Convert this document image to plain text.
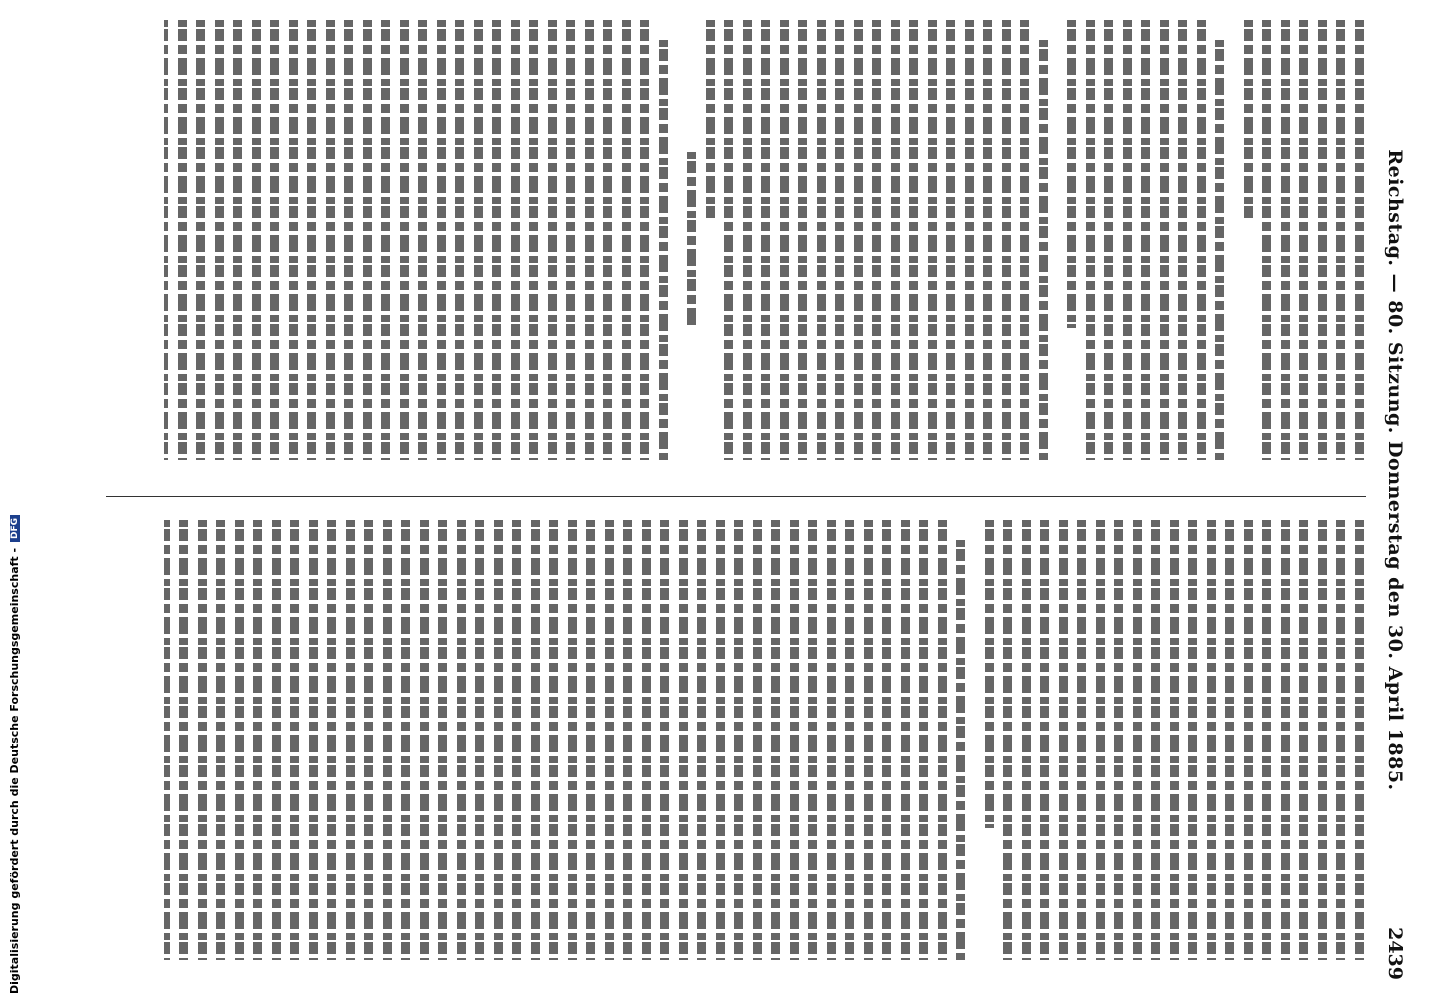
Reichstag. — 80. Sitzung. Donnerstag den 30. April 1885.
2439
Digitalisierung gefördert durch die Deutsche Forschungsgemeinschaft -DFG
